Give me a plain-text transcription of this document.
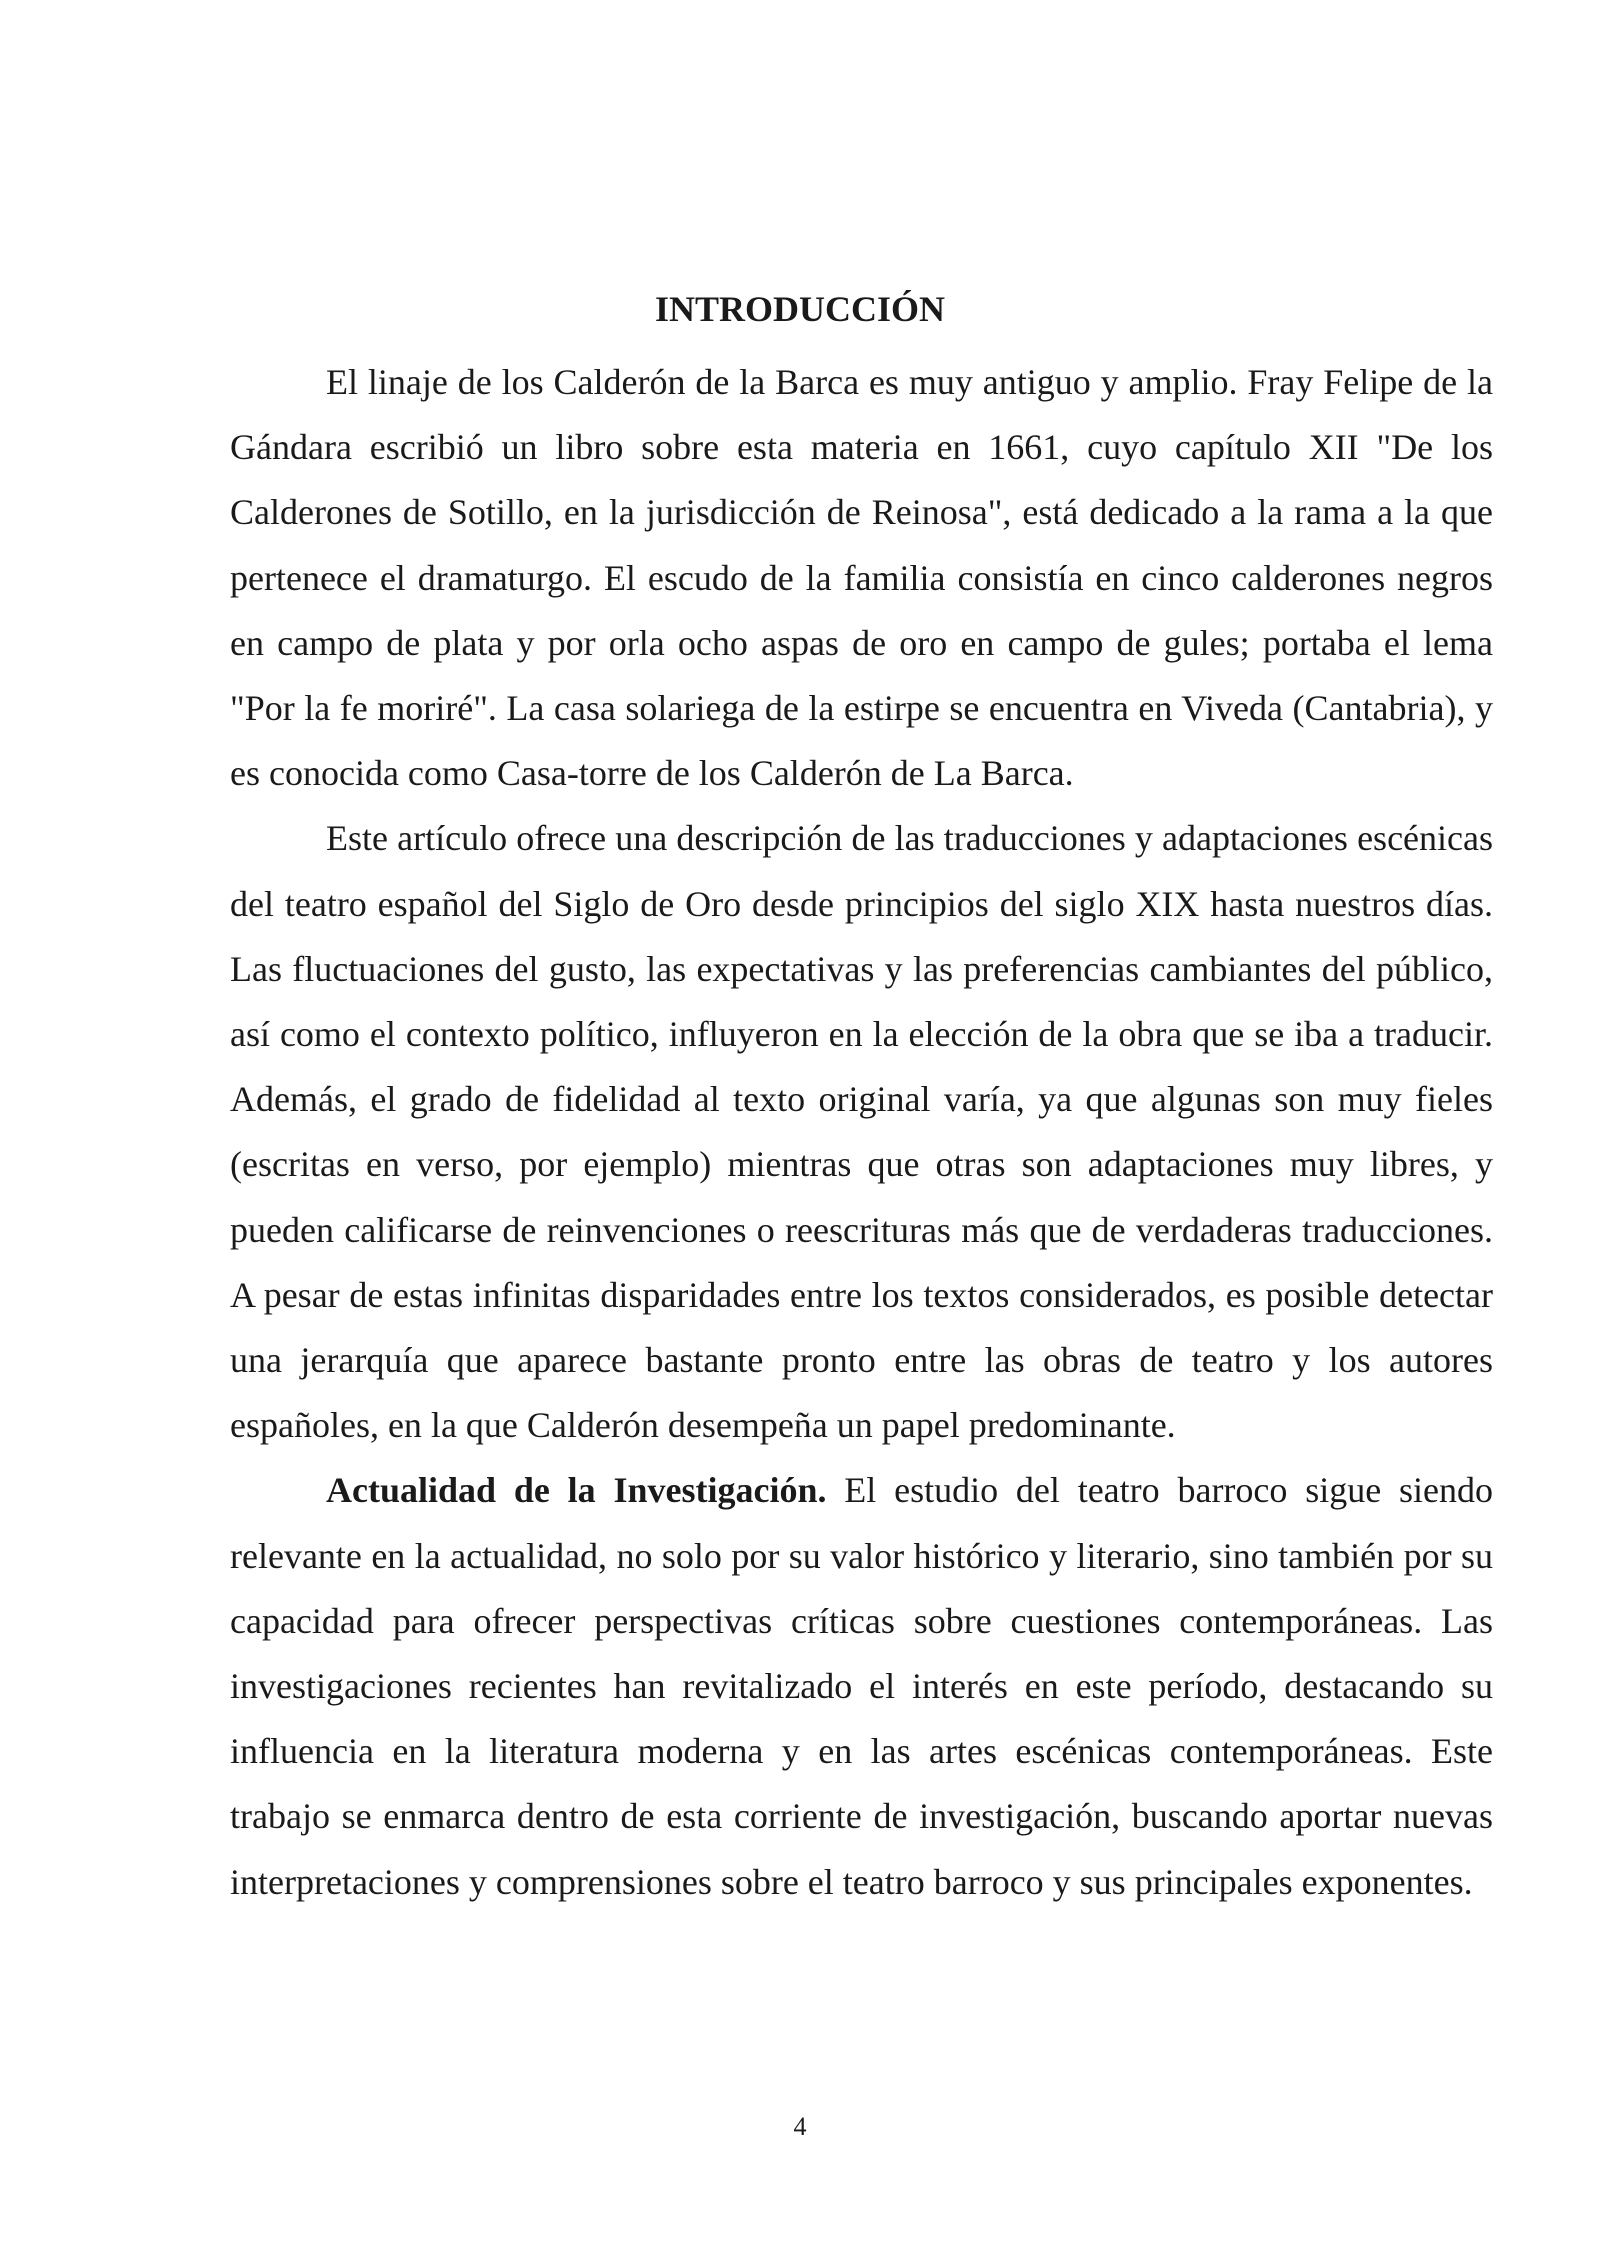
INTRODUCCIÓN

El linaje de los Calderón de la Barca es muy antiguo y amplio. Fray Felipe de la Gándara escribió un libro sobre esta materia en 1661, cuyo capítulo XII "De los Calderones de Sotillo, en la jurisdicción de Reinosa", está dedicado a la rama a la que pertenece el dramaturgo. El escudo de la familia consistía en cinco calderones negros en campo de plata y por orla ocho aspas de oro en campo de gules; portaba el lema "Por la fe moriré". La casa solariega de la estirpe se encuentra en Viveda (Cantabria), y es conocida como Casa-torre de los Calderón de La Barca.

Este artículo ofrece una descripción de las traducciones y adaptaciones escénicas del teatro español del Siglo de Oro desde principios del siglo XIX hasta nuestros días. Las fluctuaciones del gusto, las expectativas y las preferencias cambiantes del público, así como el contexto político, influyeron en la elección de la obra que se iba a traducir. Además, el grado de fidelidad al texto original varía, ya que algunas son muy fieles (escritas en verso, por ejemplo) mientras que otras son adaptaciones muy libres, y pueden calificarse de reinvenciones o reescrituras más que de verdaderas traducciones. A pesar de estas infinitas disparidades entre los textos considerados, es posible detectar una jerarquía que aparece bastante pronto entre las obras de teatro y los autores españoles, en la que Calderón desempeña un papel predominante.

Actualidad de la Investigación. El estudio del teatro barroco sigue siendo relevante en la actualidad, no solo por su valor histórico y literario, sino también por su capacidad para ofrecer perspectivas críticas sobre cuestiones contemporáneas. Las investigaciones recientes han revitalizado el interés en este período, destacando su influencia en la literatura moderna y en las artes escénicas contemporáneas. Este trabajo se enmarca dentro de esta corriente de investigación, buscando aportar nuevas interpretaciones y comprensiones sobre el teatro barroco y sus principales exponentes.

4
